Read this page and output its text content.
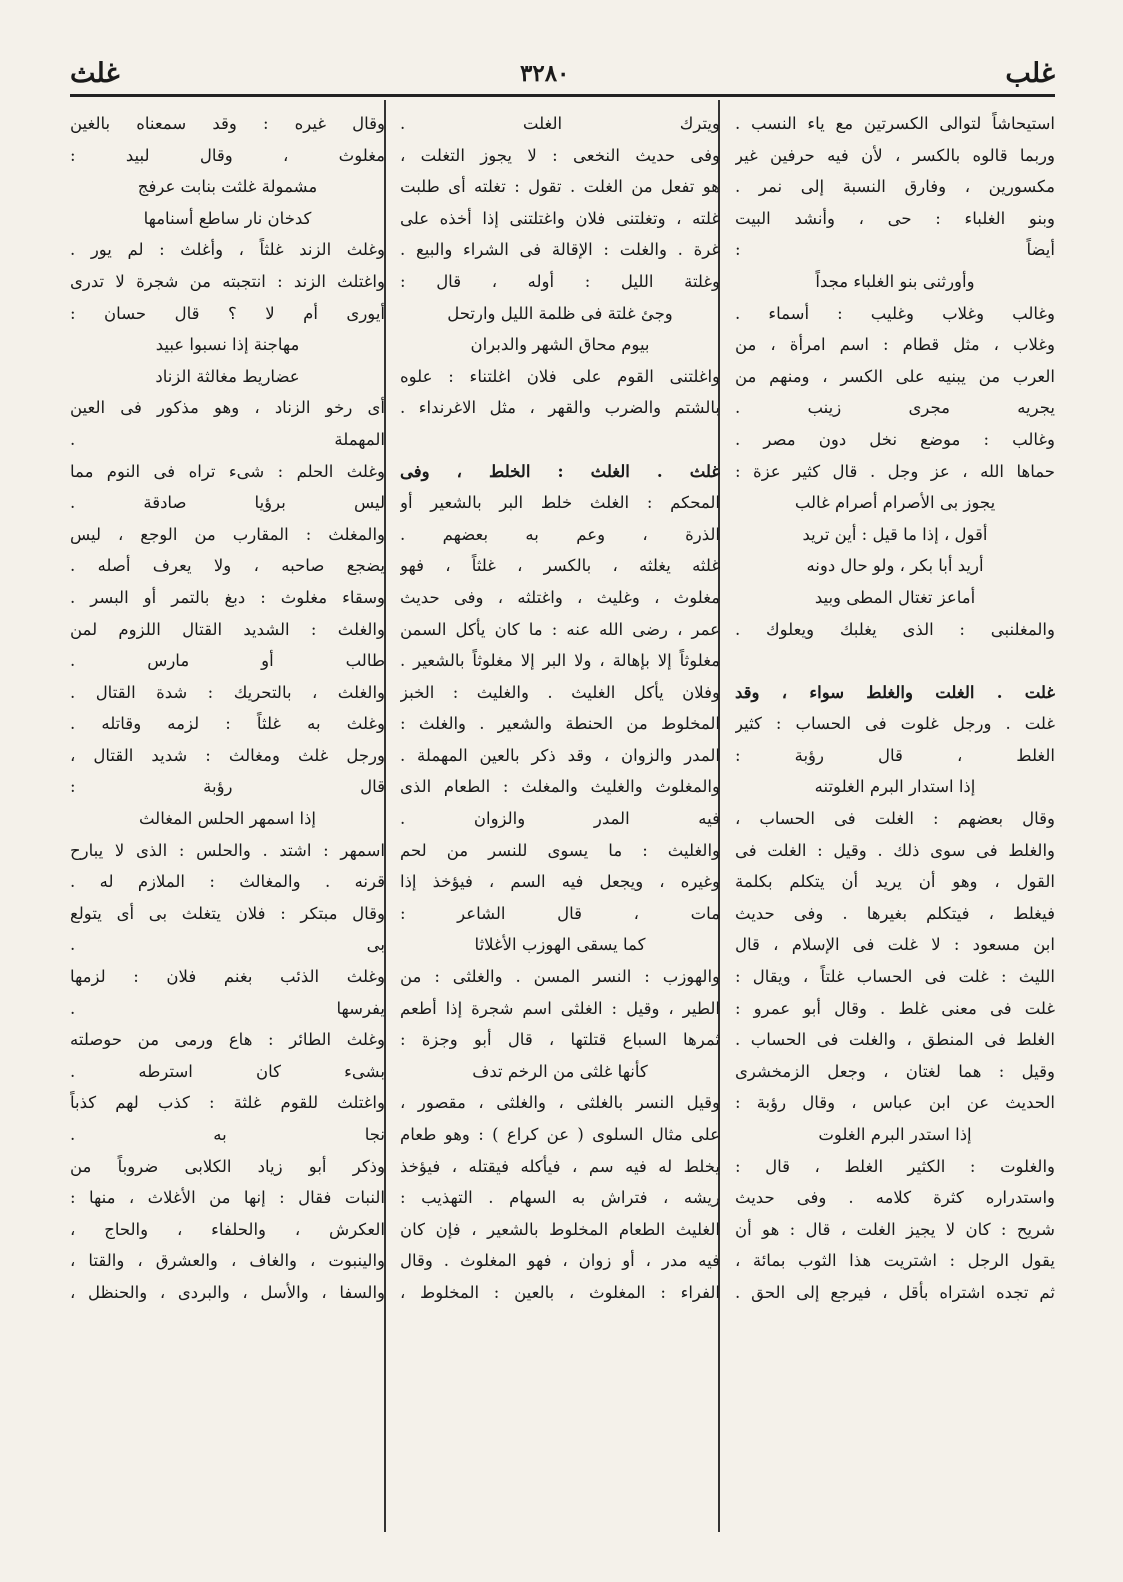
غلب
٣٢٨٠
غلث
استيحاشاً لتوالى الكسرتين مع ياء النسب .
وربما قالوه بالكسر ، لأن فيه حرفين غير
مكسورين ، وفارق النسبة إلى نمر .
وبنو الغلباء : حى ، وأنشد البيت
أيضاً :
وأورثنى بنو الغلباء مجداً
وغالب وغلاب وغليب : أسماء .
وغلاب ، مثل قطام : اسم امرأة ، من
العرب من يبنيه على الكسر ، ومنهم من
يجريه مجرى زينب .
وغالب : موضع نخل دون مصر .
حماها الله ، عز وجل . قال كثير عزة :
يجوز بى الأصرام أصرام غالب
أقول ، إذا ما قيل : أين تريد
أريد أبا بكر ، ولو حال دونه
أماعز تغتال المطى وبيد
والمغلنبى : الذى يغلبك ويعلوك .
غلت . الغلت والغلط سواء ، وقد
غلت . ورجل غلوت فى الحساب : كثير
الغلط ، قال رؤبة :
إذا استدار البرم الغلوتنه
وقال بعضهم : الغلت فى الحساب ،
والغلط فى سوى ذلك . وقيل : الغلت فى
القول ، وهو أن يريد أن يتكلم بكلمة
فيغلط ، فيتكلم بغيرها . وفى حديث
ابن مسعود : لا غلت فى الإسلام ، قال
الليث : غلت فى الحساب غلتاً ، ويقال :
غلت فى معنى غلط . وقال أبو عمرو :
الغلط فى المنطق ، والغلت فى الحساب .
وقيل : هما لغتان ، وجعل الزمخشرى
الحديث عن ابن عباس ، وقال رؤبة :
إذا استدر البرم الغلوت
والغلوت : الكثير الغلط ، قال :
واستدراره كثرة كلامه . وفى حديث
شريح : كان لا يجيز الغلت ، قال : هو أن
يقول الرجل : اشتريت هذا الثوب بمائة ،
ثم تجده اشتراه بأقل ، فيرجع إلى الحق .
ويترك الغلت .
وفى حديث النخعى : لا يجوز التغلت ،
هو تفعل من الغلت . تقول : تغلته أى طلبت
غلته ، وتغلتنى فلان واغتلتنى إذا أخذه على
غرة . والغلت : الإقالة فى الشراء والبيع .
وغلتة الليل : أوله ، قال :
وجئ غلتة فى ظلمة الليل وارتحل
بيوم محاق الشهر والدبران
واغلتنى القوم على فلان اغلتناء : علوه
بالشتم والضرب والقهر ، مثل الاغرنداء .
غلث . الغلث : الخلط ، وفى
المحكم : الغلث خلط البر بالشعير أو
الذرة ، وعم به بعضهم .
غلثه يغلثه ، بالكسر ، غلثاً ، فهو
مغلوث ، وغليث ، واغتلثه ، وفى حديث
عمر ، رضى الله عنه : ما كان يأكل السمن
مغلوثاً إلا بإهالة ، ولا البر إلا مغلوثاً بالشعير .
وفلان يأكل الغليث . والغليث : الخبز
المخلوط من الحنطة والشعير . والغلث :
المدر والزوان ، وقد ذكر بالعين المهملة .
والمغلوث والغليث والمغلث : الطعام الذى
فيه المدر والزوان .
والغليث : ما يسوى للنسر من لحم
وغيره ، ويجعل فيه السم ، فيؤخذ إذا
مات ، قال الشاعر :
كما يسقى الهوزب الأغلاثا
والهوزب : النسر المسن . والغلثى : من
الطير ، وقيل : الغلثى اسم شجرة إذا أطعم
ثمرها السباع قتلتها ، قال أبو وجزة :
كأنها غلثى من الرخم تدف
وقيل النسر بالغلثى ، والغلثى ، مقصور ،
على مثال السلوى ( عن كراع ) : وهو طعام
يخلط له فيه سم ، فيأكله فيقتله ، فيؤخذ
ريشه ، فتراش به السهام . التهذيب :
الغليث الطعام المخلوط بالشعير ، فإن كان
فيه مدر ، أو زوان ، فهو المغلوث . وقال
الفراء : المغلوث ، بالعين : المخلوط ،
وقال غيره : وقد سمعناه بالغين
مغلوث ، وقال لبيد :
مشمولة غلثت بنابت عرفج
كدخان نار ساطع أسنامها
وغلث الزند غلثاً ، وأغلث : لم يور .
واغتلث الزند : انتجبته من شجرة لا تدرى
أيورى أم لا ؟ قال حسان :
مهاجنة إذا نسبوا عبيد
عضاريط مغالثة الزناد
أى رخو الزناد ، وهو مذكور فى العين
المهملة .
وغلث الحلم : شىء تراه فى النوم مما
ليس برؤيا صادقة .
والمغلث : المقارب من الوجع ، ليس
يضجع صاحبه ، ولا يعرف أصله .
وسقاء مغلوث : دبغ بالتمر أو البسر .
والغلث : الشديد القتال اللزوم لمن
طالب أو مارس .
والغلث ، بالتحريك : شدة القتال .
وغلث به غلثاً : لزمه وقاتله .
ورجل غلث ومغالث : شديد القتال ،
قال رؤبة :
إذا اسمهر الحلس المغالث
اسمهر : اشتد . والحلس : الذى لا يبارح
قرنه . والمغالث : الملازم له .
وقال مبتكر : فلان يتغلث بى أى يتولع
بى .
وغلث الذئب بغنم فلان : لزمها
يفرسها .
وغلث الطائر : هاع ورمى من حوصلته
بشىء كان استرطه .
واغتلث للقوم غلثة : كذب لهم كذباً
نجا به .
وذكر أبو زياد الكلابى ضروباً من
النبات فقال : إنها من الأغلاث ، منها :
العكرش ، والحلفاء ، والحاج ،
والينبوت ، والغاف ، والعشرق ، والقتا ،
والسفا ، والأسل ، والبردى ، والحنظل ،
